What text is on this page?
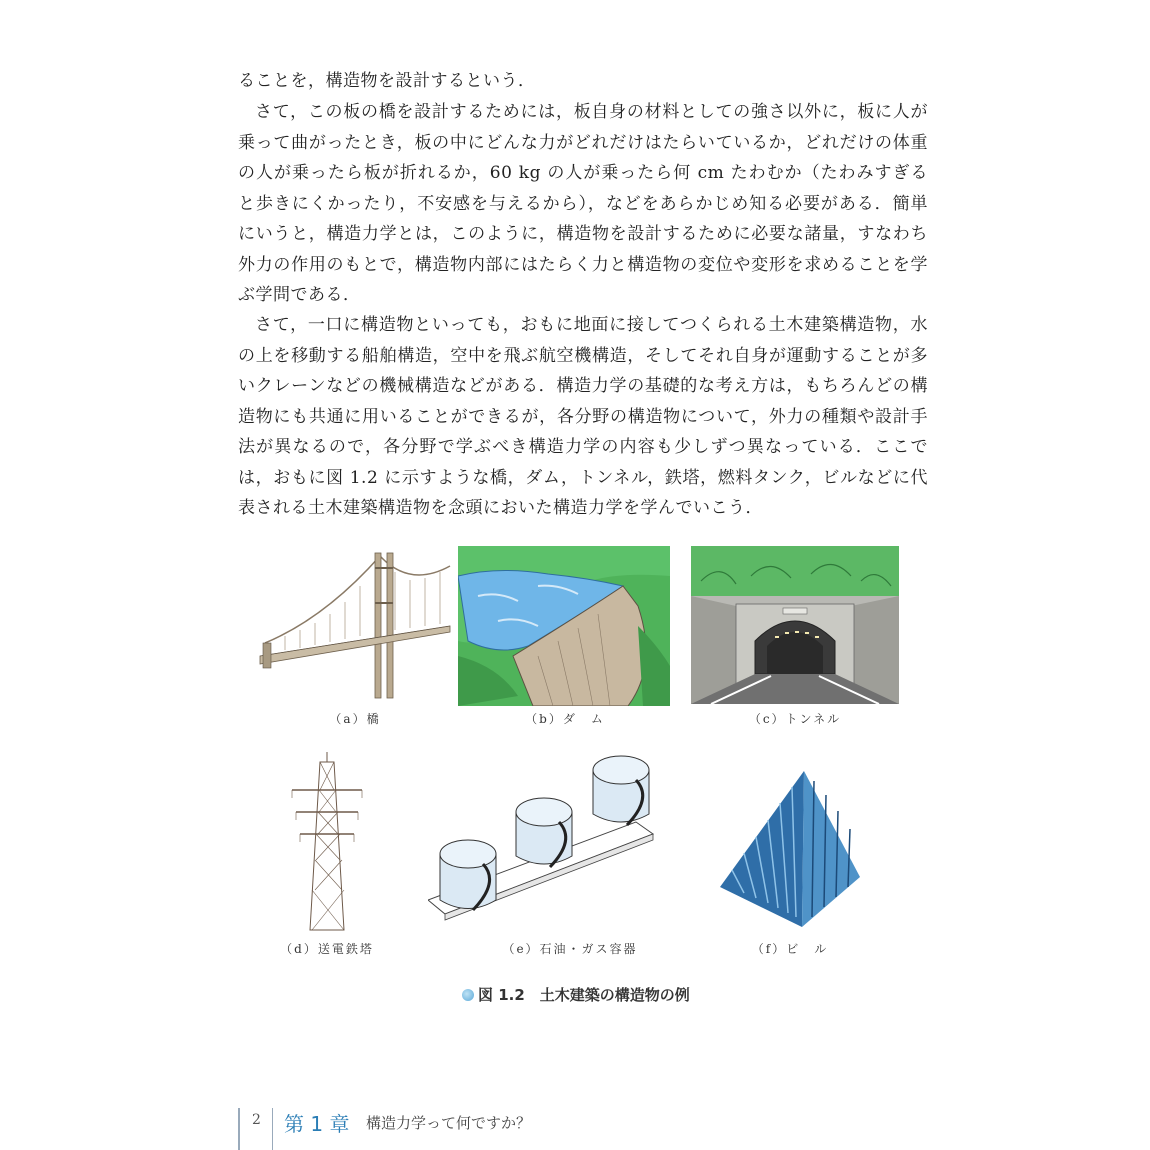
ることを，構造物を設計するという．

さて，この板の橋を設計するためには，板自身の材料としての強さ以外に，板に人が乗って曲がったとき，板の中にどんな力がどれだけはたらいているか，どれだけの体重の人が乗ったら板が折れるか，60 kg の人が乗ったら何 cm たわむか（たわみすぎると歩きにくかったり，不安感を与えるから），などをあらかじめ知る必要がある．簡単にいうと，構造力学とは，このように，構造物を設計するために必要な諸量，すなわち外力の作用のもとで，構造物内部にはたらく力と構造物の変位や変形を求めることを学ぶ学問である．

さて，一口に構造物といっても，おもに地面に接してつくられる土木建築構造物，水の上を移動する船舶構造，空中を飛ぶ航空機構造，そしてそれ自身が運動することが多いクレーンなどの機械構造などがある．構造力学の基礎的な考え方は，もちろんどの構造物にも共通に用いることができるが，各分野の構造物について，外力の種類や設計手法が異なるので，各分野で学ぶべき構造力学の内容も少しずつ異なっている．ここでは，おもに図 1.2 に示すような橋，ダム，トンネル，鉄塔，燃料タンク，ビルなどに代表される土木建築構造物を念頭においた構造力学を学んでいこう．

（a）橋	（b）ダ　ム	（c）トンネル
（d）送電鉄塔	（e）石油・ガス容器	（f）ビ　ル
図 1.2　土木建築の構造物の例
2 第 1 章 構造力学って何ですか？
